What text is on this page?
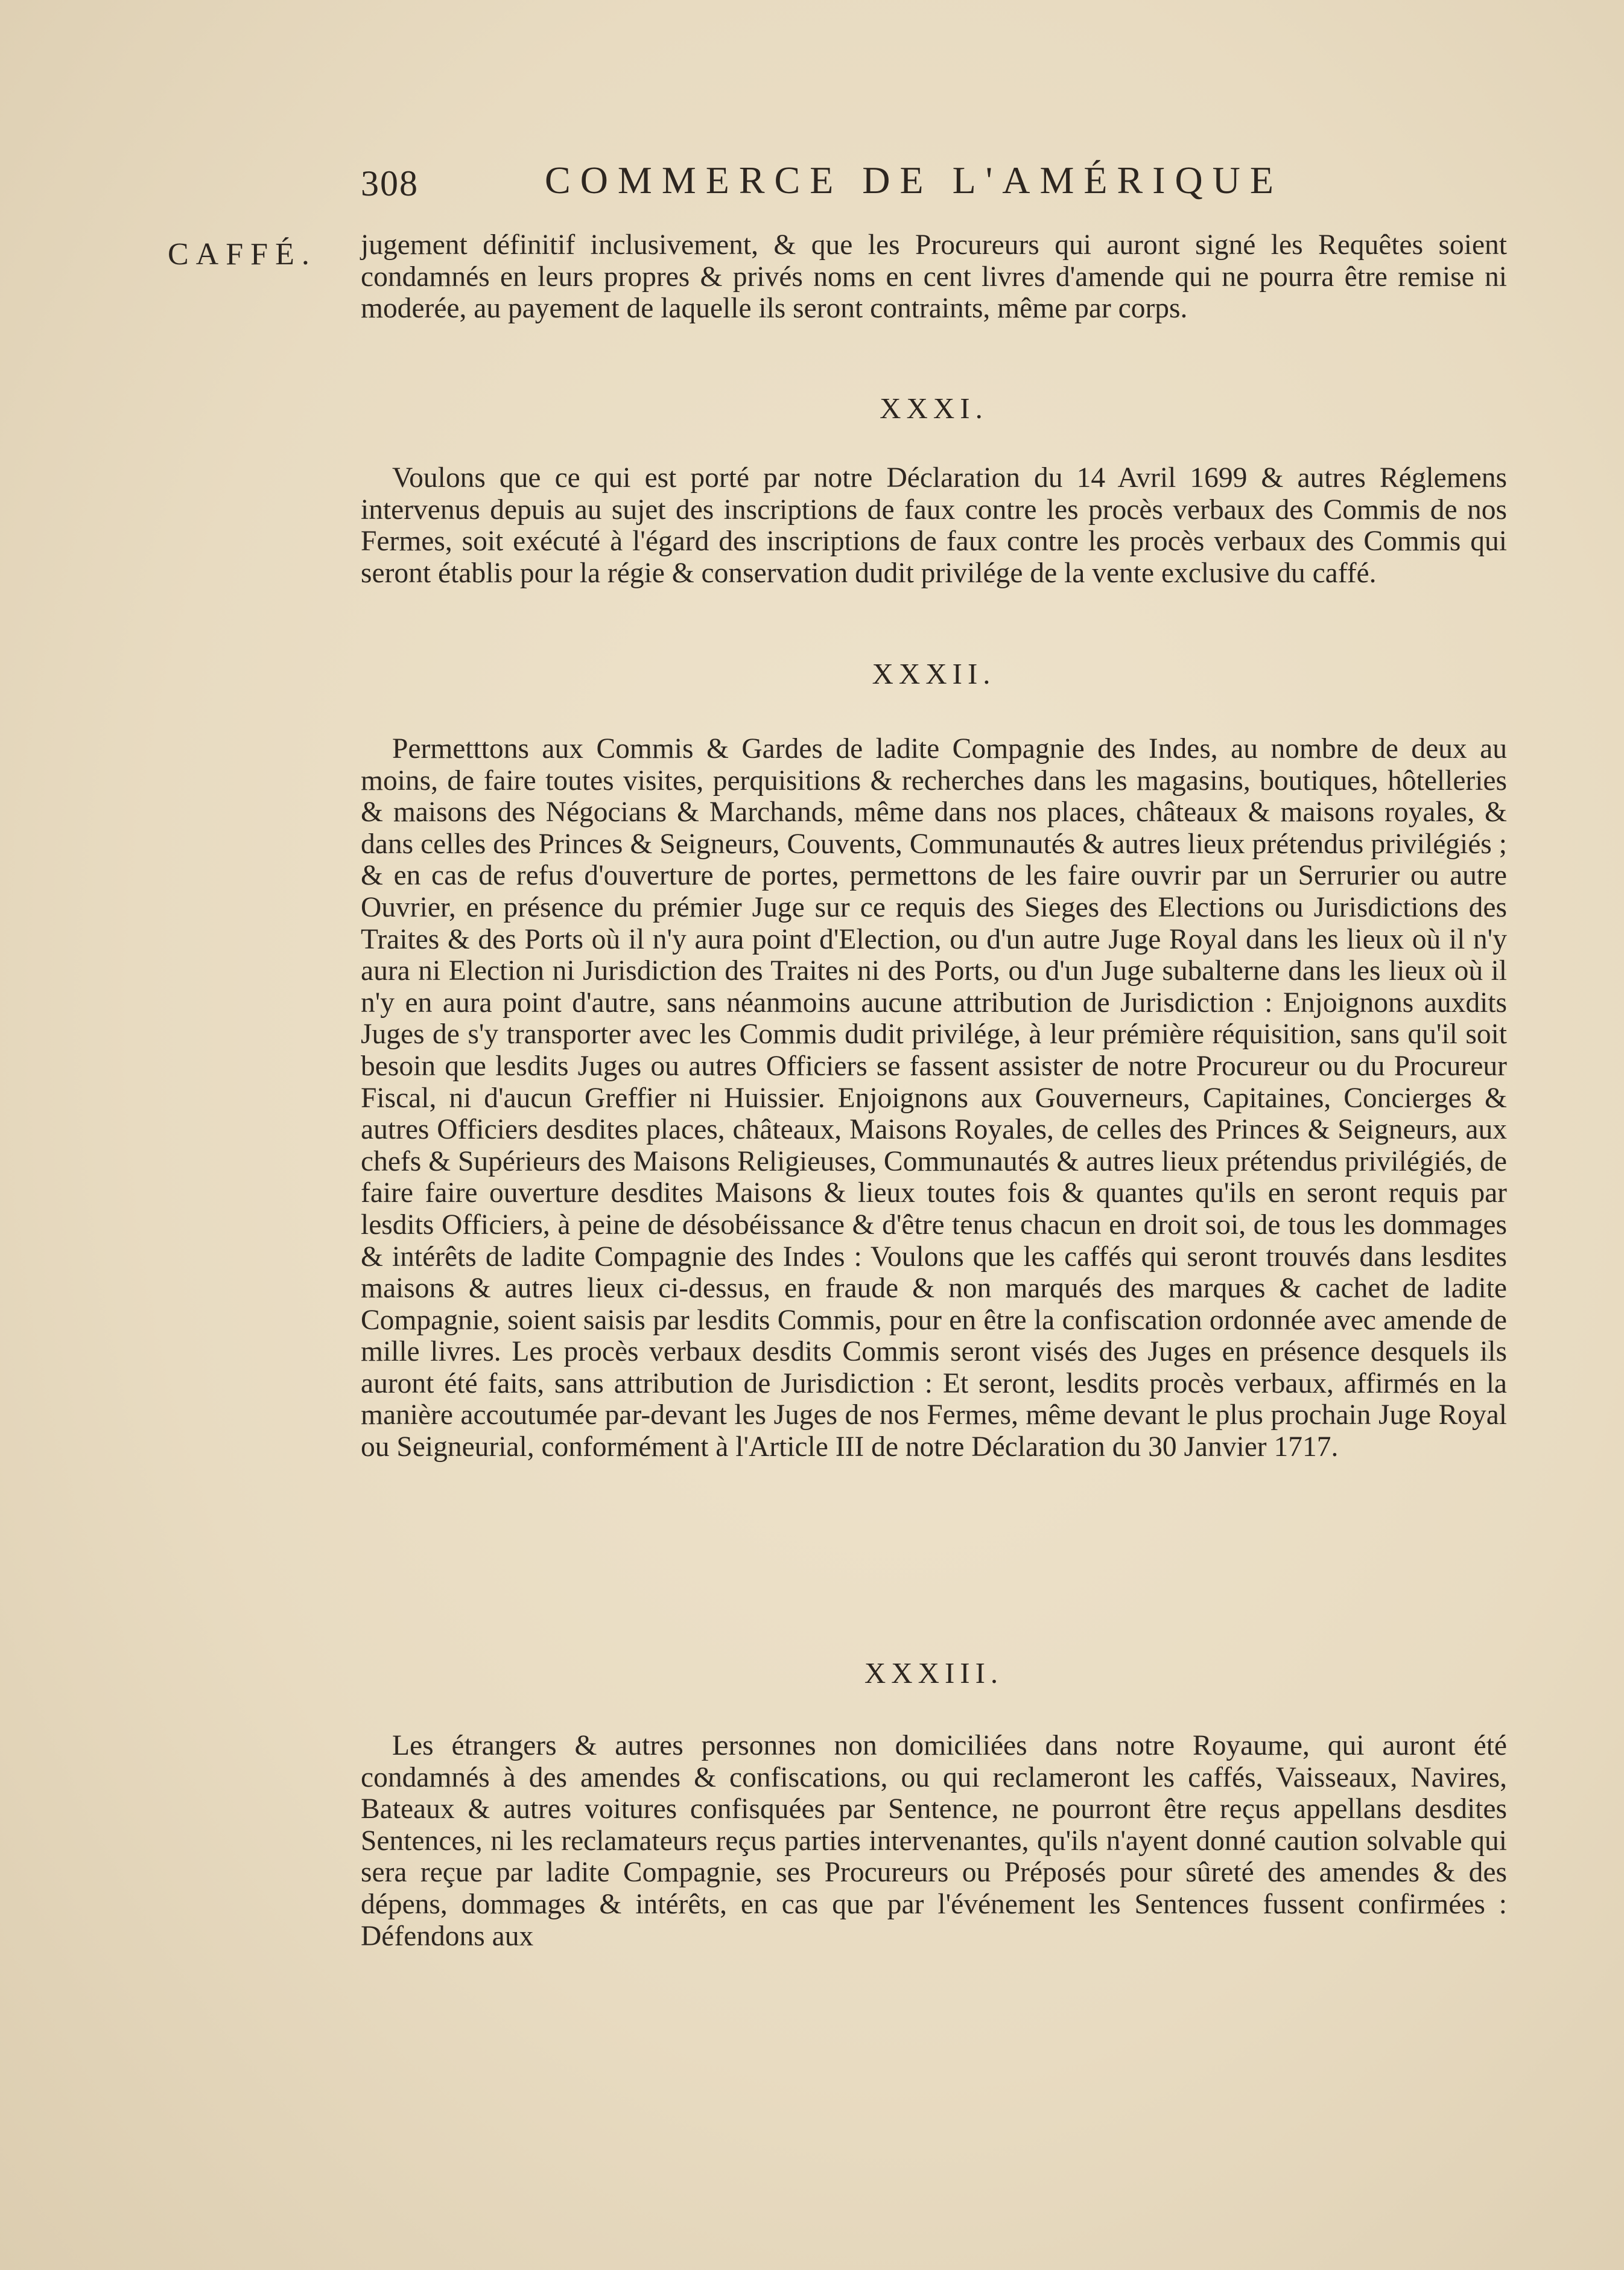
308	COMMERCE DE L'AMÉRIQUE
CAFFÉ. jugement définitif inclusivement, & que les Procureurs qui auront signé les Requêtes soient condamnés en leurs propres & privés noms en cent livres d'amende qui ne pourra être remise ni moderée, au payement de laquelle ils seront contraints, même par corps.
XXXI.
Voulons que ce qui est porté par notre Déclaration du 14 Avril 1699 & autres Réglemens intervenus depuis au sujet des inscriptions de faux contre les procès verbaux des Commis de nos Fermes, soit exécuté à l'égard des inscriptions de faux contre les procès verbaux des Commis qui seront établis pour la régie & conservation dudit privilége de la vente exclusive du caffé.
XXXII.
Permetttons aux Commis & Gardes de ladite Compagnie des Indes, au nombre de deux au moins, de faire toutes visites, perquisitions & recherches dans les magasins, boutiques, hôtelleries & maisons des Négocians & Marchands, même dans nos places, châteaux & maisons royales, & dans celles des Princes & Seigneurs, Couvents, Communautés & autres lieux prétendus privilégiés ; & en cas de refus d'ouverture de portes, permettons de les faire ouvrir par un Serrurier ou autre Ouvrier, en présence du prémier Juge sur ce requis des Sieges des Elections ou Jurisdictions des Traites & des Ports où il n'y aura point d'Election, ou d'un autre Juge Royal dans les lieux où il n'y aura ni Election ni Jurisdiction des Traites ni des Ports, ou d'un Juge subalterne dans les lieux où il n'y en aura point d'autre, sans néanmoins aucune attribution de Jurisdiction : Enjoignons auxdits Juges de s'y transporter avec les Commis dudit privilége, à leur prémière réquisition, sans qu'il soit besoin que lesdits Juges ou autres Officiers se fassent assister de notre Procureur ou du Procureur Fiscal, ni d'aucun Greffier ni Huissier. Enjoignons aux Gouverneurs, Capitaines, Concierges & autres Officiers desdites places, châteaux, Maisons Royales, de celles des Princes & Seigneurs, aux chefs & Supérieurs des Maisons Religieuses, Communautés & autres lieux prétendus privilégiés, de faire faire ouverture desdites Maisons & lieux toutes fois & quantes qu'ils en seront requis par lesdits Officiers, à peine de désobéissance & d'être tenus chacun en droit soi, de tous les dommages & intérêts de ladite Compagnie des Indes : Voulons que les caffés qui seront trouvés dans lesdites maisons & autres lieux ci-dessus, en fraude & non marqués des marques & cachet de ladite Compagnie, soient saisis par lesdits Commis, pour en être la confiscation ordonnée avec amende de mille livres. Les procès verbaux desdits Commis seront visés des Juges en présence desquels ils auront été faits, sans attribution de Jurisdiction : Et seront, lesdits procès verbaux, affirmés en la manière accoutumée par-devant les Juges de nos Fermes, même devant le plus prochain Juge Royal ou Seigneurial, conformément à l'Article III de notre Déclaration du 30 Janvier 1717.
XXXIII.
Les étrangers & autres personnes non domiciliées dans notre Royaume, qui auront été condamnés à des amendes & confiscations, ou qui reclameront les caffés, Vaisseaux, Navires, Bateaux & autres voitures confisquées par Sentence, ne pourront être reçus appellans desdites Sentences, ni les reclamateurs reçus parties intervenantes, qu'ils n'ayent donné caution solvable qui sera reçue par ladite Compagnie, ses Procureurs ou Préposés pour sûreté des amendes & des dépens, dommages & intérêts, en cas que par l'événement les Sentences fussent confirmées : Défendons aux
